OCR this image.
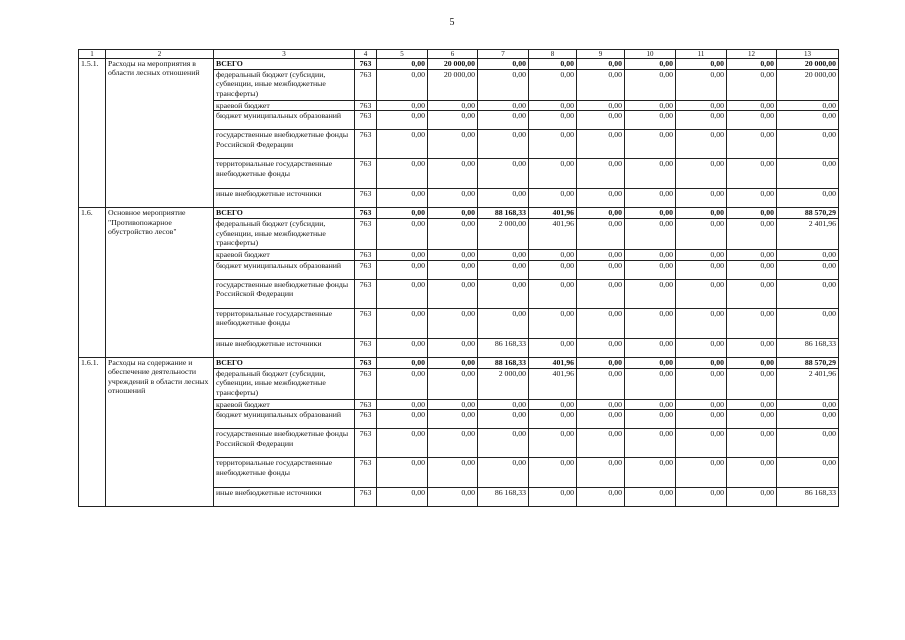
5
1	2	3	4	5	6	7	8	9	10	11	12	13
1.5.1.	Расходы на мероприятия в области лесных отношений	ВСЕГО	763	0,00	20 000,00	0,00	0,00	0,00	0,00	0,00	0,00	20 000,00
		федеральный бюджет (субсидии, субвенции, иные межбюджетные трансферты)	763	0,00	20 000,00	0,00	0,00	0,00	0,00	0,00	0,00	20 000,00
		краевой бюджет	763	0,00	0,00	0,00	0,00	0,00	0,00	0,00	0,00	0,00
		бюджет муниципальных образований	763	0,00	0,00	0,00	0,00	0,00	0,00	0,00	0,00	0,00
		государственные внебюджетные фонды Российской Федерации	763	0,00	0,00	0,00	0,00	0,00	0,00	0,00	0,00	0,00
		территориальные государственные внебюджетные фонды	763	0,00	0,00	0,00	0,00	0,00	0,00	0,00	0,00	0,00
		иные внебюджетные источники	763	0,00	0,00	0,00	0,00	0,00	0,00	0,00	0,00	0,00
1.6.	Основное мероприятие "Противопожарное обустройство лесов"	ВСЕГО	763	0,00	0,00	88 168,33	401,96	0,00	0,00	0,00	0,00	88 570,29
		федеральный бюджет (субсидии, субвенции, иные межбюджетные трансферты)	763	0,00	0,00	2 000,00	401,96	0,00	0,00	0,00	0,00	2 401,96
		краевой бюджет	763	0,00	0,00	0,00	0,00	0,00	0,00	0,00	0,00	0,00
		бюджет муниципальных образований	763	0,00	0,00	0,00	0,00	0,00	0,00	0,00	0,00	0,00
		государственные внебюджетные фонды Российской Федерации	763	0,00	0,00	0,00	0,00	0,00	0,00	0,00	0,00	0,00
		территориальные государственные внебюджетные фонды	763	0,00	0,00	0,00	0,00	0,00	0,00	0,00	0,00	0,00
		иные внебюджетные источники	763	0,00	0,00	86 168,33	0,00	0,00	0,00	0,00	0,00	86 168,33
1.6.1.	Расходы на содержание и обеспечение деятельности учреждений в области лесных отношений	ВСЕГО	763	0,00	0,00	88 168,33	401,96	0,00	0,00	0,00	0,00	88 570,29
		федеральный бюджет (субсидии, субвенции, иные межбюджетные трансферты)	763	0,00	0,00	2 000,00	401,96	0,00	0,00	0,00	0,00	2 401,96
		краевой бюджет	763	0,00	0,00	0,00	0,00	0,00	0,00	0,00	0,00	0,00
		бюджет муниципальных образований	763	0,00	0,00	0,00	0,00	0,00	0,00	0,00	0,00	0,00
		государственные внебюджетные фонды Российской Федерации	763	0,00	0,00	0,00	0,00	0,00	0,00	0,00	0,00	0,00
		территориальные государственные внебюджетные фонды	763	0,00	0,00	0,00	0,00	0,00	0,00	0,00	0,00	0,00
		иные внебюджетные источники	763	0,00	0,00	86 168,33	0,00	0,00	0,00	0,00	0,00	86 168,33
